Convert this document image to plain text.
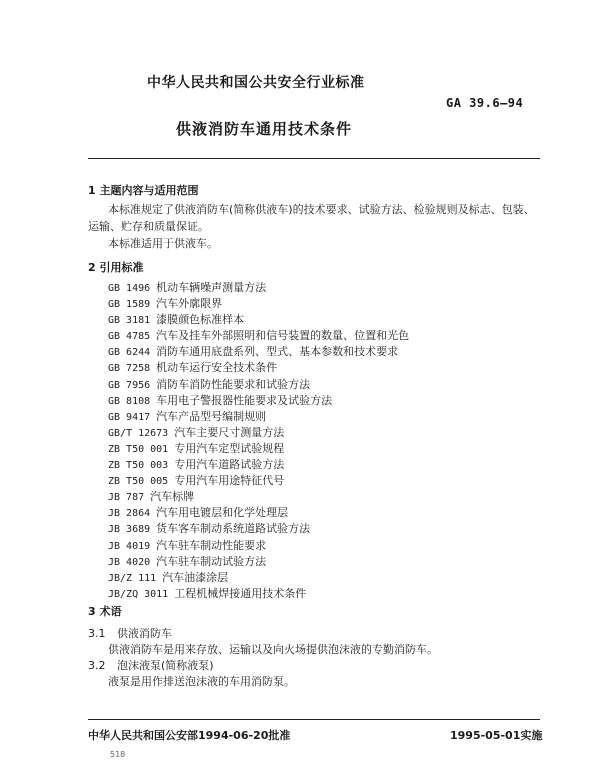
中华人民共和国公共安全行业标准
GA 39.6—94
供液消防车通用技术条件
1 主题内容与适用范围
本标准规定了供液消防车(简称供液车)的技术要求、试验方法、检验规则及标志、包装、运输、贮存和质量保证。
本标准适用于供液车。
2 引用标准
GB 1496 机动车辆噪声测量方法
GB 1589 汽车外廓限界
GB 3181 漆膜颜色标准样本
GB 4785 汽车及挂车外部照明和信号装置的数量、位置和光色
GB 6244 消防车通用底盘系列、型式、基本参数和技术要求
GB 7258 机动车运行安全技术条件
GB 7956 消防车消防性能要求和试验方法
GB 8108 车用电子警报器性能要求及试验方法
GB 9417 汽车产品型号编制规则
GB/T 12673 汽车主要尺寸测量方法
ZB T50 001 专用汽车定型试验规程
ZB T50 003 专用汽车道路试验方法
ZB T50 005 专用汽车用途特征代号
JB 787 汽车标牌
JB 2864 汽车用电镀层和化学处理层
JB 3689 货车客车制动系统道路试验方法
JB 4019 汽车驻车制动性能要求
JB 4020 汽车驻车制动试验方法
JB/Z 111 汽车油漆涂层
JB/ZQ 3011 工程机械焊接通用技术条件
3 术语
3.1 供液消防车
供液消防车是用来存放、运输以及向火场提供泡沫液的专勤消防车。
3.2 泡沫液泵(简称液泵)
液泵是用作排送泡沫液的车用消防泵。
中华人民共和国公安部1994-06-20批准	1995-05-01实施
518
